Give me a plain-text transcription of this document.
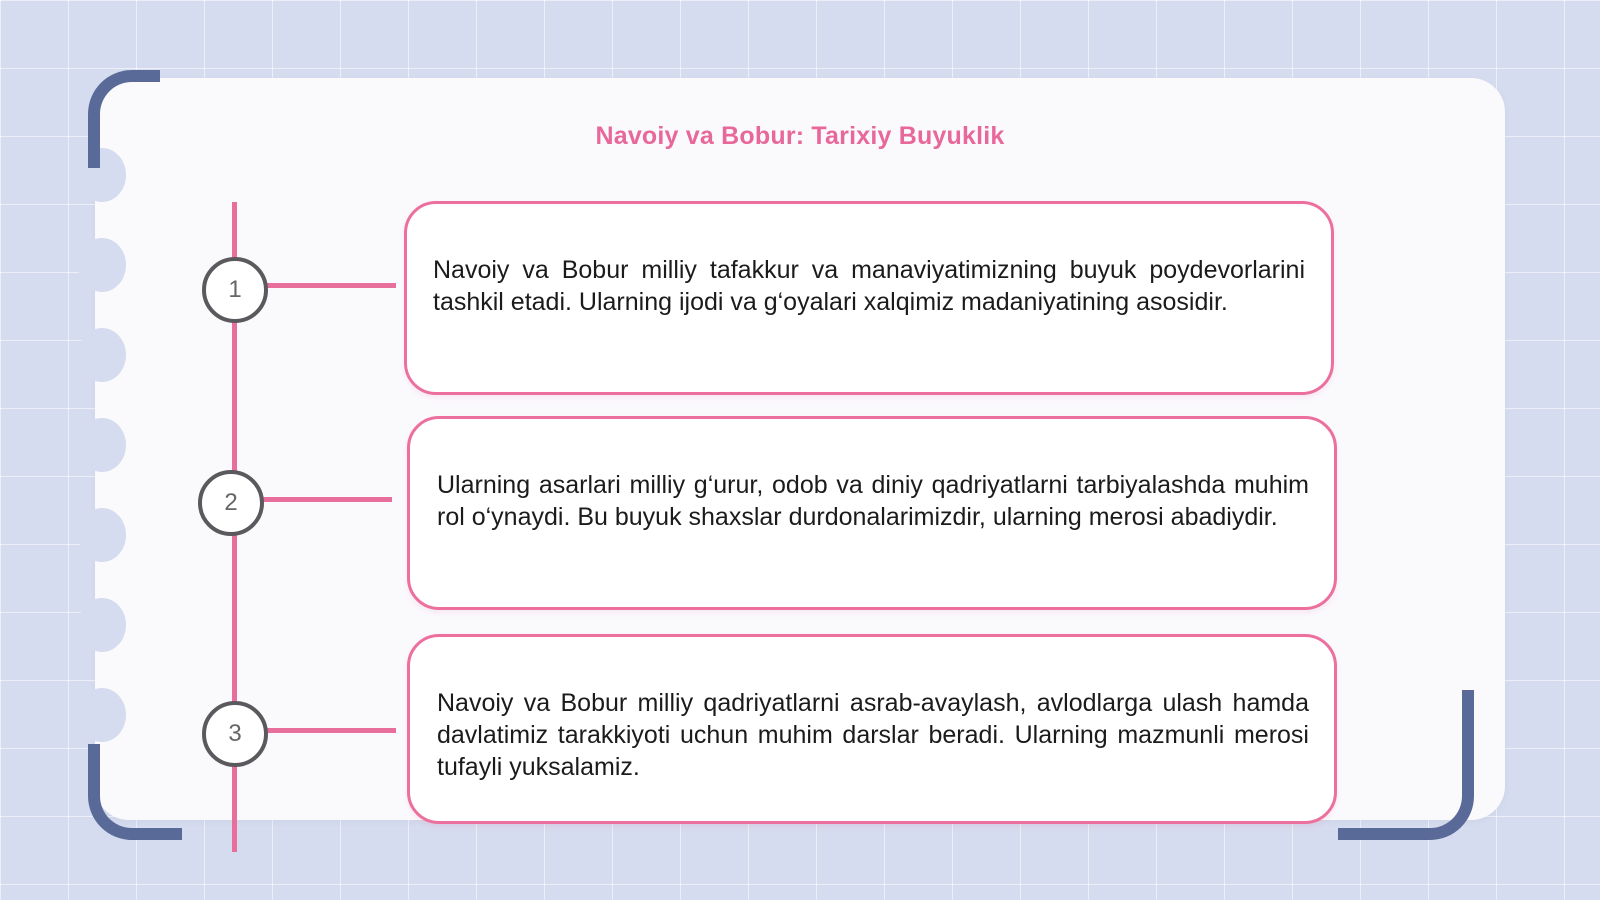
Navoiy va Bobur: Tarixiy Buyuklik
1
2
3

Navoiy va Bobur milliy tafakkur va manaviyatimizning buyuk poydevorlarini tashkil etadi. Ularning ijodi va g‘oyalari xalqimiz madaniyatining asosidir.

Ularning asarlari milliy g‘urur, odob va diniy qadriyatlarni tarbiyalashda muhim rol o‘ynaydi. Bu buyuk shaxslar durdonalarimizdir, ularning merosi abadiydir.

Navoiy va Bobur milliy qadriyatlarni asrab-avaylash, avlodlarga ulash hamda davlatimiz tarakkiyoti uchun muhim darslar beradi. Ularning mazmunli merosi tufayli yuksalamiz.
